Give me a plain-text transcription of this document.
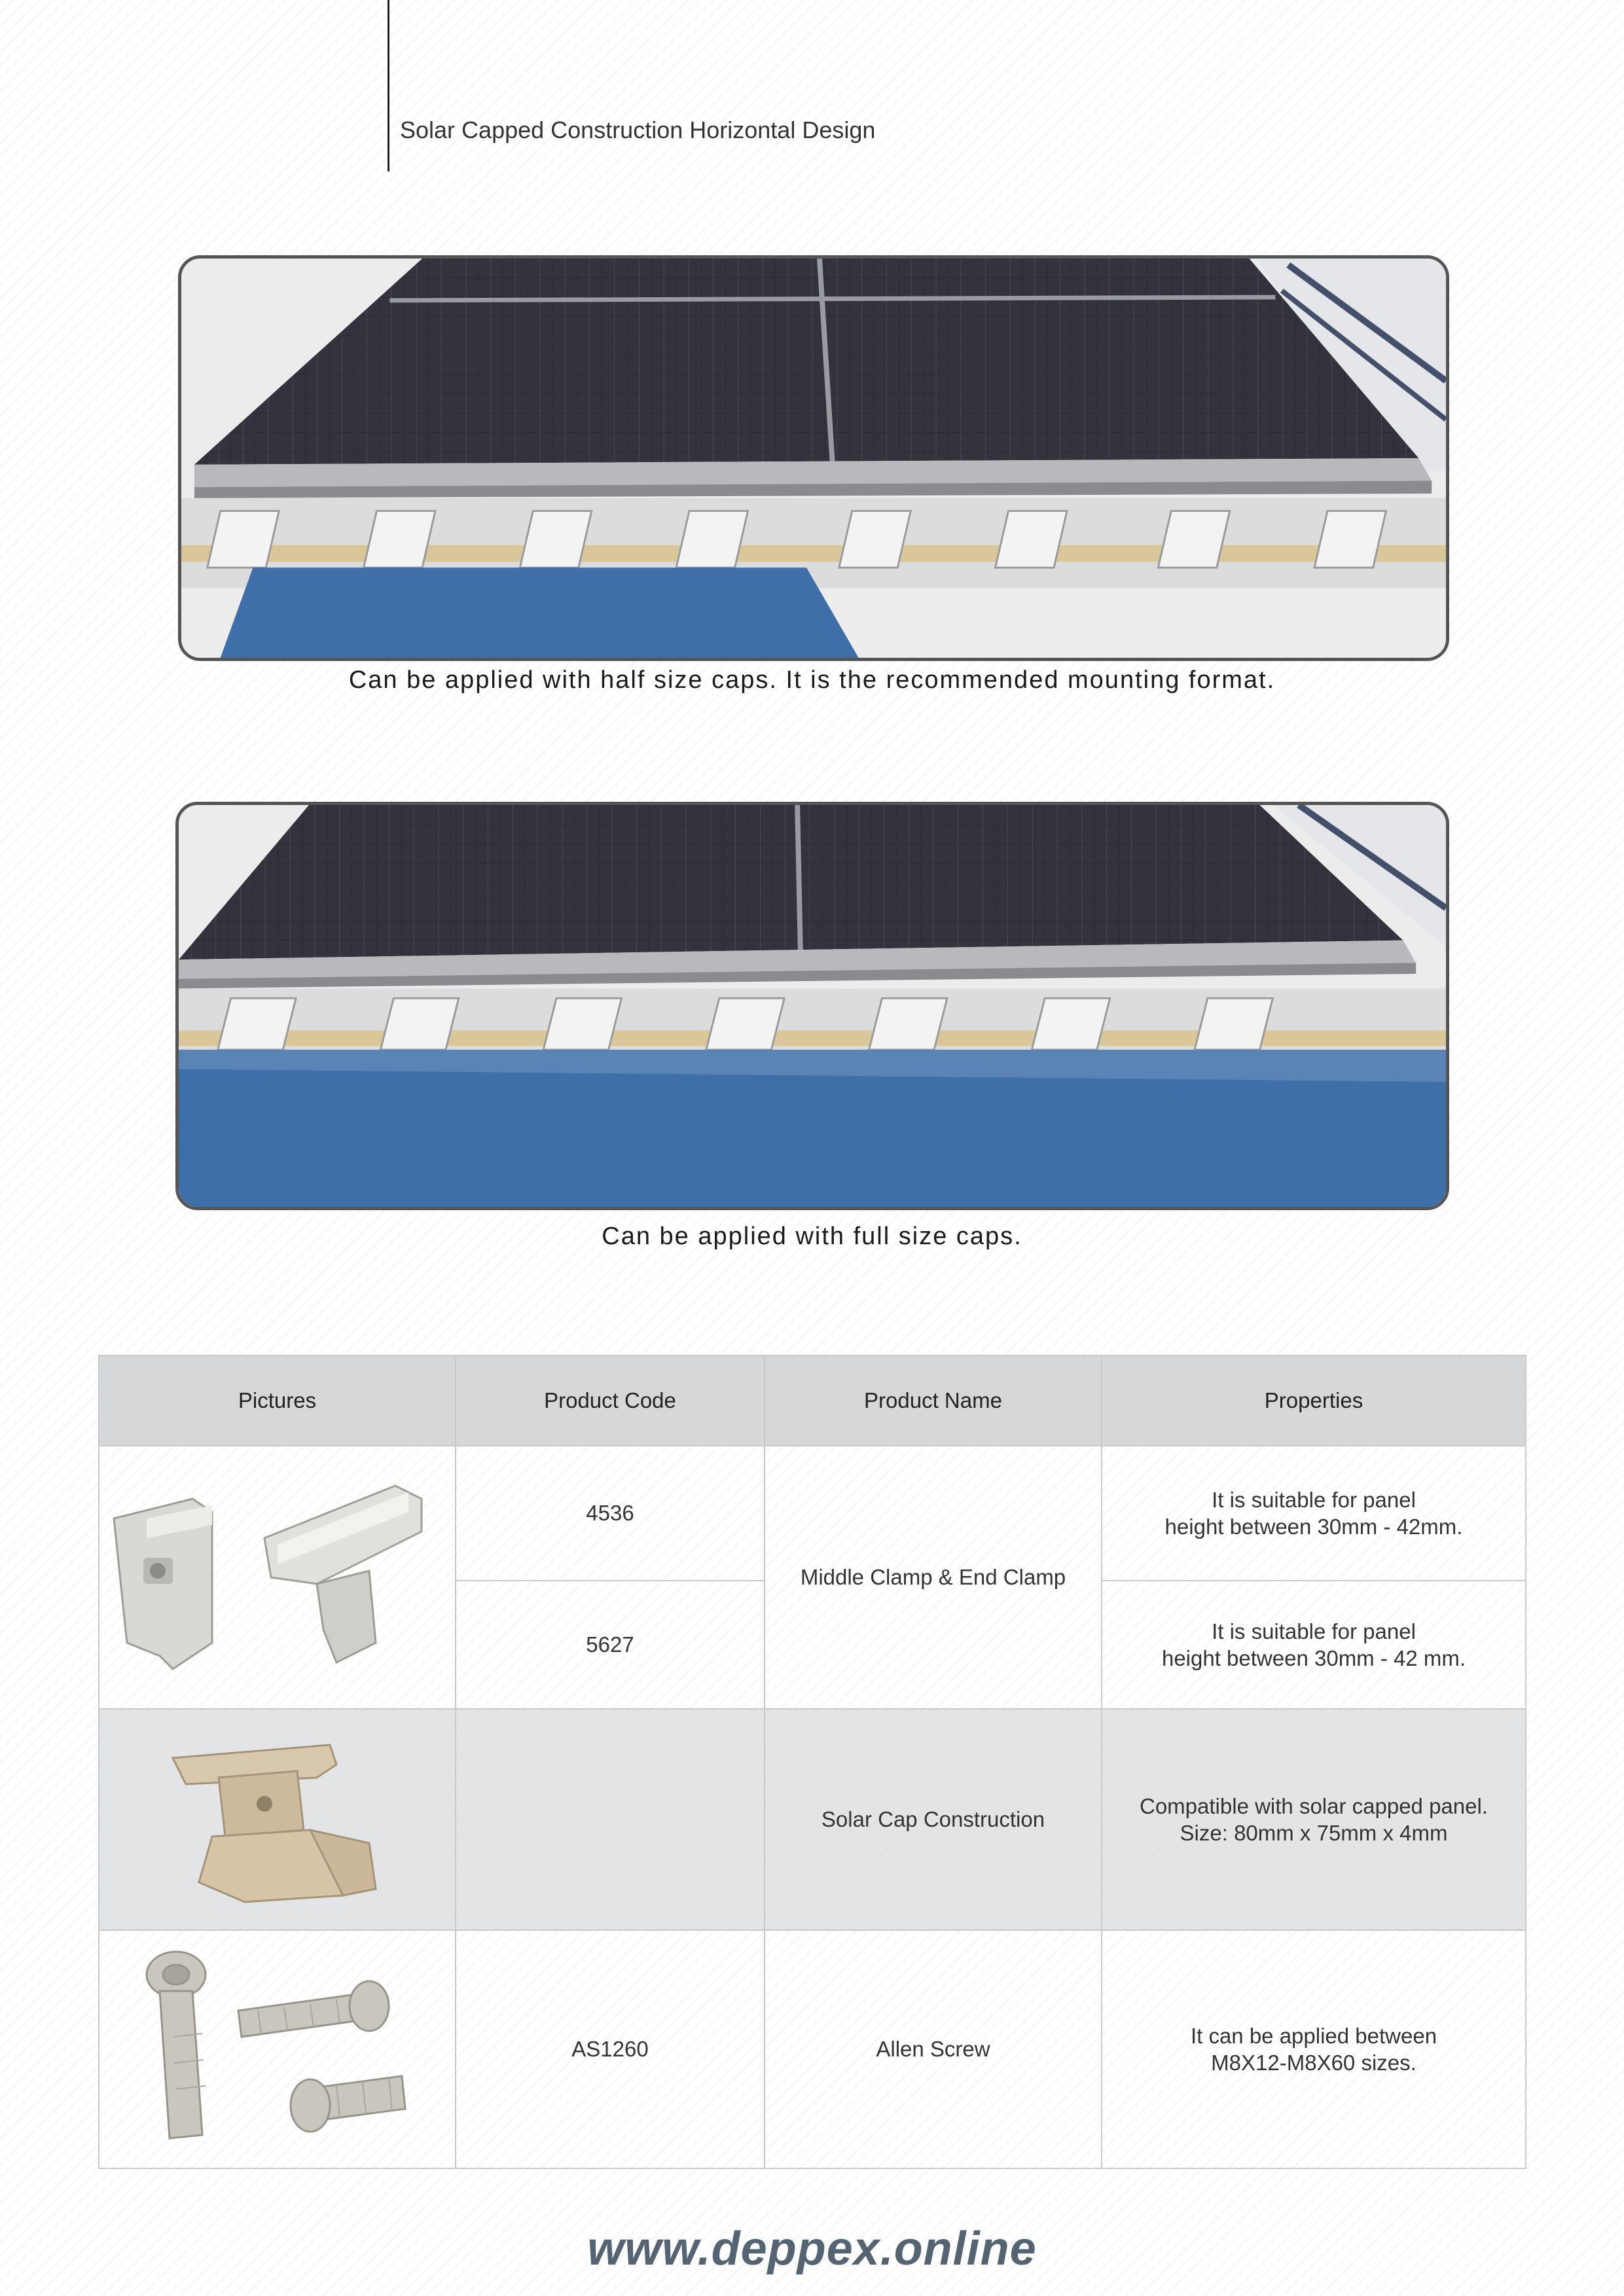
Solar Capped Construction Horizontal Design
Can be applied with half size caps. It is the recommended mounting format.
Can be applied with full size caps.
Pictures	Product Code	Product Name	Properties
	4536	Middle Clamp & End Clamp	It is suitable for panel
height between 30mm - 42mm.

	5627		It is suitable for panel
height between 30mm - 42 mm.

		Solar Cap Construction	Compatible with solar capped panel.
Size: 80mm x 75mm x 4mm

	AS1260	Allen Screw	It can be applied between
M8X12-M8X60 sizes.
www.deppex.online
